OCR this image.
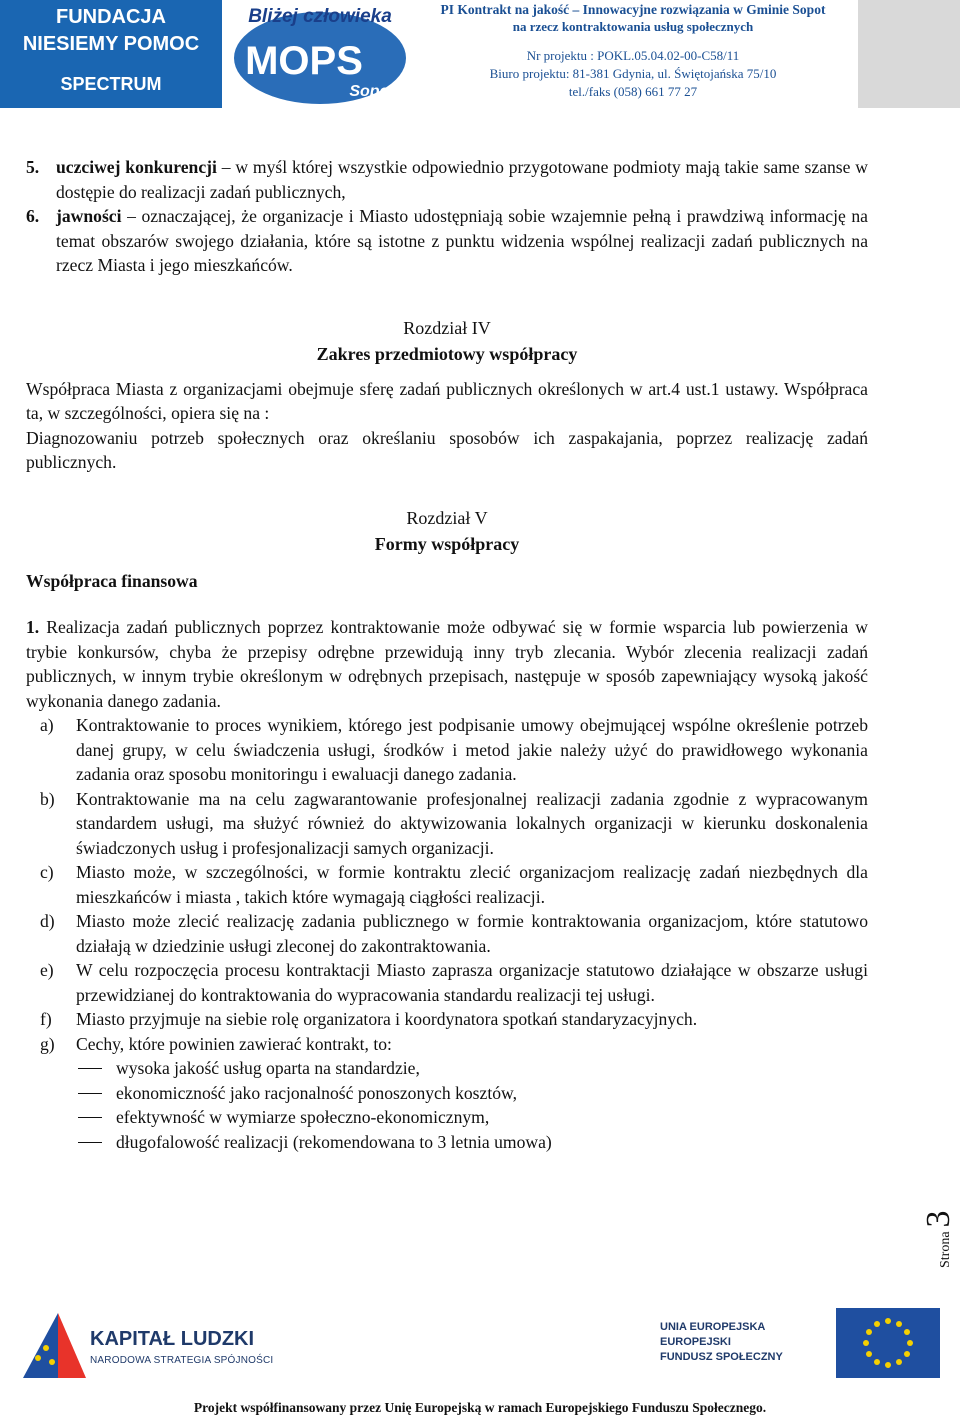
FUNDACJA
NIESIEMY POMOC
SPECTRUM
Bliżej człowieka
MOPS
Sopot
PI Kontrakt na jakość – Innowacyjne rozwiązania w Gminie Sopot
na rzecz kontraktowania usług społecznych
Nr projektu : POKL.05.04.02-00-C58/11
Biuro projektu: 81-381 Gdynia, ul. Świętojańska 75/10
tel./faks (058) 661 77 27
5. uczciwej konkurencji – w myśl której wszystkie odpowiednio przygotowane podmioty mają takie same szanse w dostępie do realizacji zadań publicznych,
6. jawności – oznaczającej, że organizacje i Miasto udostępniają sobie wzajemnie pełną i prawdziwą informację na temat obszarów swojego działania, które są istotne z punktu widzenia wspólnej realizacji zadań publicznych na rzecz Miasta i jego mieszkańców.
Rozdział IV
Zakres przedmiotowy współpracy
Współpraca Miasta z organizacjami obejmuje sferę zadań publicznych określonych w art.4 ust.1 ustawy. Współpraca ta, w szczególności, opiera się na :
Diagnozowaniu potrzeb społecznych oraz określaniu sposobów ich zaspakajania, poprzez realizację zadań publicznych.
Rozdział V
Formy współpracy
Współpraca finansowa
1. Realizacja zadań publicznych poprzez kontraktowanie może odbywać się w formie wsparcia lub powierzenia w trybie konkursów, chyba że przepisy odrębne przewidują inny tryb zlecania. Wybór zlecenia realizacji zadań publicznych, w innym trybie określonym w odrębnych przepisach, następuje w sposób zapewniający wysoką jakość wykonania danego zadania.
a) Kontraktowanie to proces wynikiem, którego jest podpisanie umowy obejmującej wspólne określenie potrzeb danej grupy, w celu świadczenia usługi, środków i metod jakie należy użyć do prawidłowego wykonania zadania oraz sposobu monitoringu i ewaluacji danego zadania.
b) Kontraktowanie ma na celu zagwarantowanie profesjonalnej realizacji zadania zgodnie z wypracowanym standardem usługi, ma służyć również do aktywizowania lokalnych organizacji w kierunku doskonalenia świadczonych usług i profesjonalizacji samych organizacji.
c) Miasto może, w szczególności, w formie kontraktu zlecić organizacjom realizację zadań niezbędnych dla mieszkańców i miasta , takich które wymagają ciągłości realizacji.
d) Miasto może zlecić realizację zadania publicznego w formie kontraktowania organizacjom, które statutowo działają w dziedzinie usługi zleconej do zakontraktowania.
e) W celu rozpoczęcia procesu kontraktacji Miasto zaprasza organizacje statutowo działające w obszarze usługi przewidzianej do kontraktowania do wypracowania standardu realizacji tej usługi.
f) Miasto przyjmuje na siebie rolę organizatora i koordynatora spotkań standaryzacyjnych.
g) Cechy, które powinien zawierać kontrakt, to:
wysoka jakość usług oparta na standardzie,
ekonomiczność jako racjonalność ponoszonych kosztów,
efektywność w wymiarze społeczno-ekonomicznym,
długofalowość realizacji (rekomendowana to 3 letnia umowa)
Strona 3
KAPITAŁ LUDZKI
NARODOWA STRATEGIA SPÓJNOŚCI
UNIA EUROPEJSKA
EUROPEJSKI
FUNDUSZ SPOŁECZNY
Projekt współfinansowany przez Unię Europejską w ramach Europejskiego Funduszu Społecznego.
